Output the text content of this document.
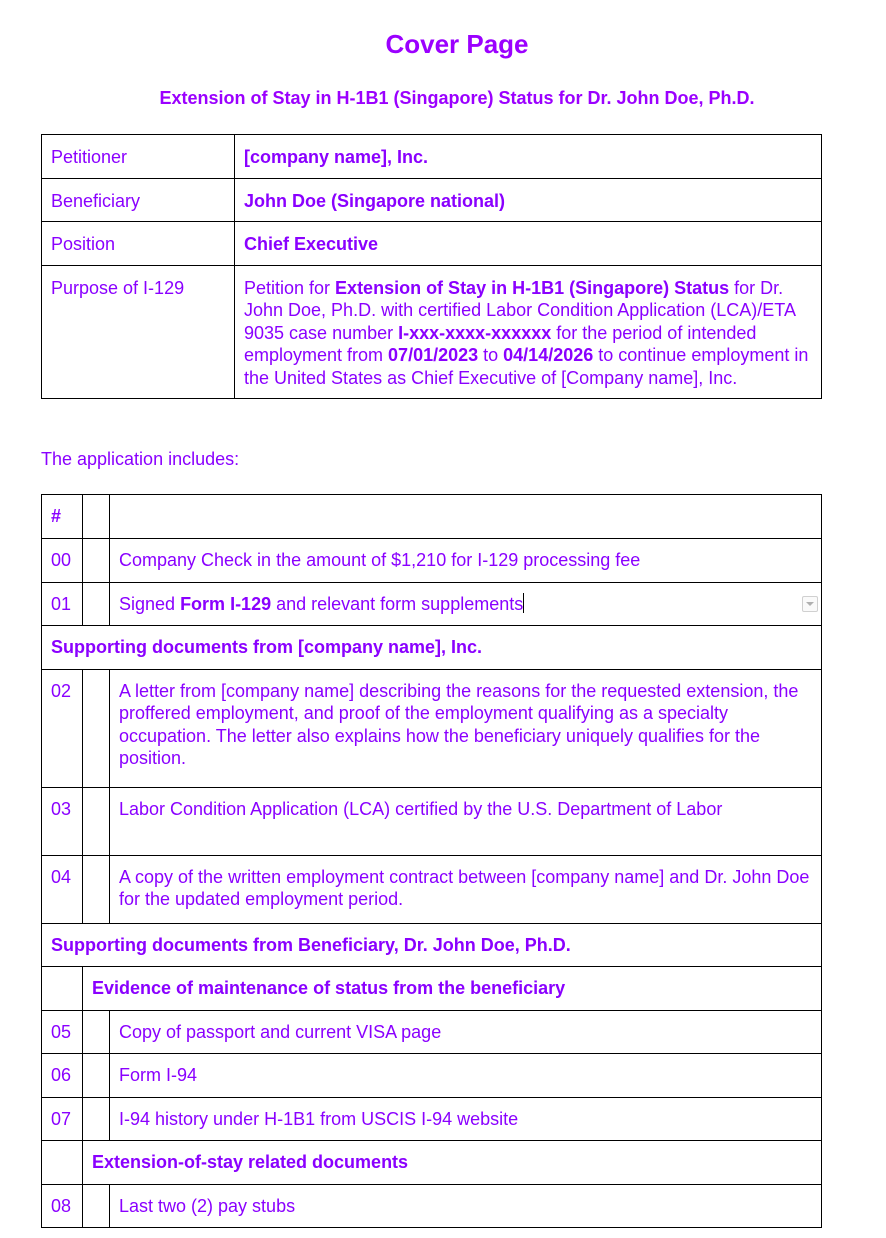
Cover Page
Extension of Stay in H-1B1 (Singapore) Status for Dr. John Doe, Ph.D.
Petitioner	[company name], Inc.
Beneficiary	John Doe (Singapore national)
Position	Chief Executive
Purpose of I-129	Petition for Extension of Stay in H-1B1 (Singapore) Status for Dr. John Doe, Ph.D. with certified Labor Condition Application (LCA)/ETA 9035 case number I-xxx-xxxx-xxxxxx for the period of intended employment from 07/01/2023 to 04/14/2026 to continue employment in the United States as Chief Executive of [Company name], Inc.
The application includes:
#		
00		Company Check in the amount of $1,210 for I-129 processing fee
01		Signed Form I-129 and relevant form supplements

Supporting documents from [company name], Inc.		
02		A letter from [company name] describing the reasons for the requested extension, the proffered employment, and proof of the employment qualifying as a specialty occupation. The letter also explains how the beneficiary uniquely qualifies for the position.
03		Labor Condition Application (LCA) certified by the U.S. Department of Labor
04		A copy of the written employment contract between [company name] and Dr. John Doe for the updated employment period.
Supporting documents from Beneficiary, Dr. John Doe, Ph.D.		
	Evidence of maintenance of status from the beneficiary	
05		Copy of passport and current VISA page
06		Form I-94
07		I-94 history under H-1B1 from USCIS I-94 website
	Extension-of-stay related documents	
08		Last two (2) pay stubs
